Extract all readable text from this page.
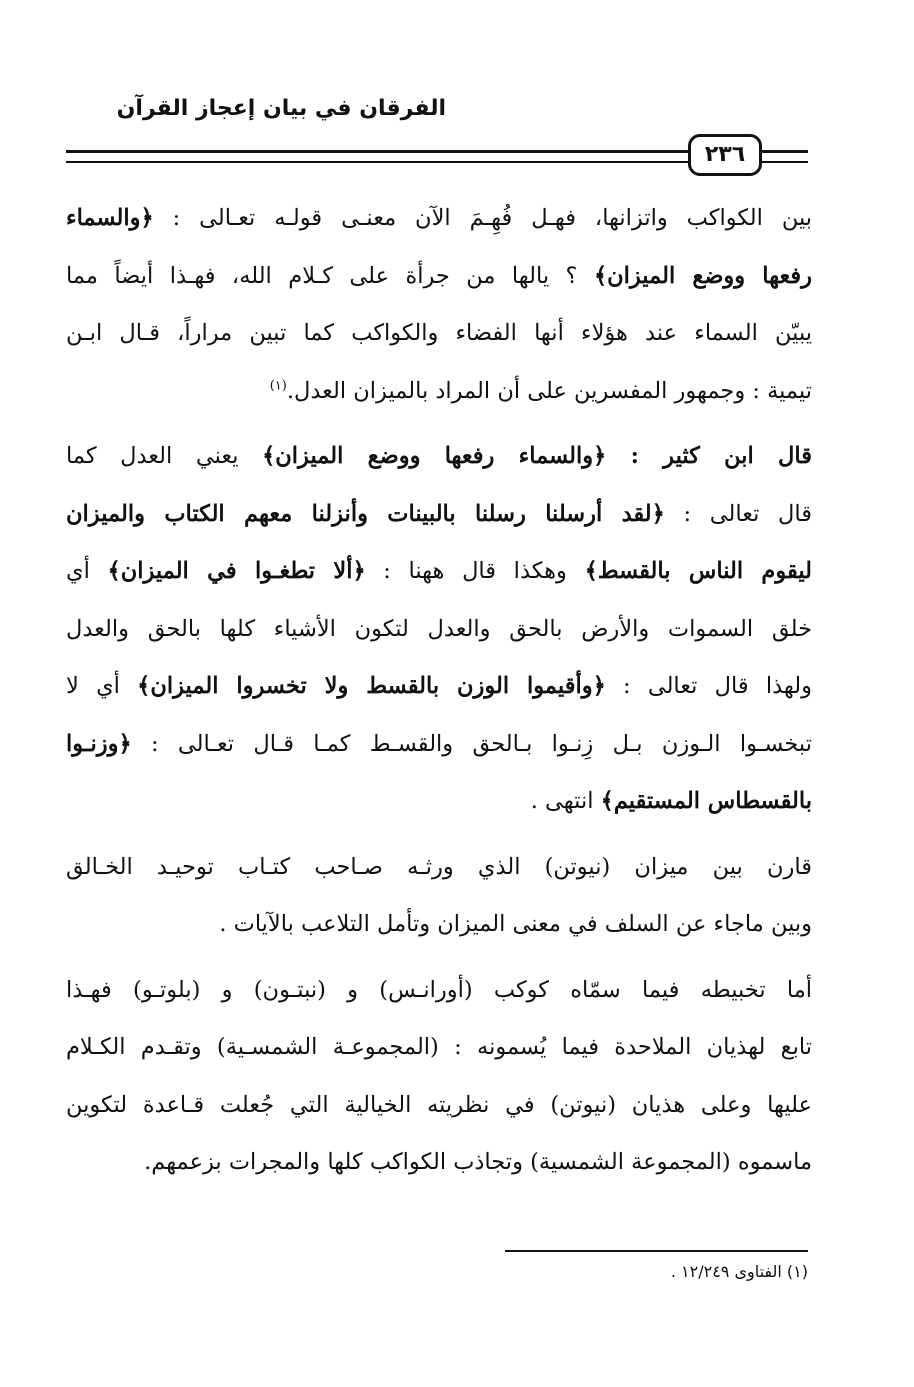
الفرقان في بيان إعجاز القرآن
٢٣٦
بين الكواكب واتزانها، فهـل فُهِـمَ الآن معنـى قولـه تعـالى : ﴿والسماء
رفعها ووضع الميزان﴾ ؟ يالها من جرأة على كـلام الله، فهـذا أيضاً مما
يبيّن السماء عند هؤلاء أنها الفضاء والكواكب كما تبين مراراً، قـال ابـن
تيمية : وجمهور المفسرين على أن المراد بالميزان العدل.$^{(١)}$
قال ابن كثير : ﴿والسماء رفعها ووضع الميزان﴾ يعني العدل كما
قال تعالى : ﴿لقد أرسلنا رسلنا بالبينات وأنزلنا معهم الكتاب والميزان
ليقوم الناس بالقسط﴾ وهكذا قال ههنا : ﴿ألا تطغـوا في الميزان﴾ أي
خلق السموات والأرض بالحق والعدل لتكون الأشياء كلها بالحق والعدل
ولهذا قال تعالى : ﴿وأقيموا الوزن بالقسط ولا تخسروا الميزان﴾ أي لا
تبخسـوا الـوزن بـل زِنـوا بـالحق والقسـط كمـا قـال تعـالى : ﴿وزنـوا
بالقسطاس المستقيم﴾ انتهى .
قارن بين ميزان (نيوتن) الذي ورثـه صـاحب كتـاب توحيـد الخـالق
وبين ماجاء عن السلف في معنى الميزان وتأمل التلاعب بالآيات .
أما تخبيطه فيما سمّاه كوكب (أورانـس) و (نبتـون) و (بلوتـو) فهـذا
تابع لهذيان الملاحدة فيما يُسمونه : (المجموعـة الشمسـية) وتقـدم الكـلام
عليها وعلى هذيان (نيوتن) في نظريته الخيالية التي جُعلت قـاعدة لتكوين
ماسموه (المجموعة الشمسية) وتجاذب الكواكب كلها والمجرات بزعمهم.
(١) الفتاوى ١٢/٢٤٩ .
